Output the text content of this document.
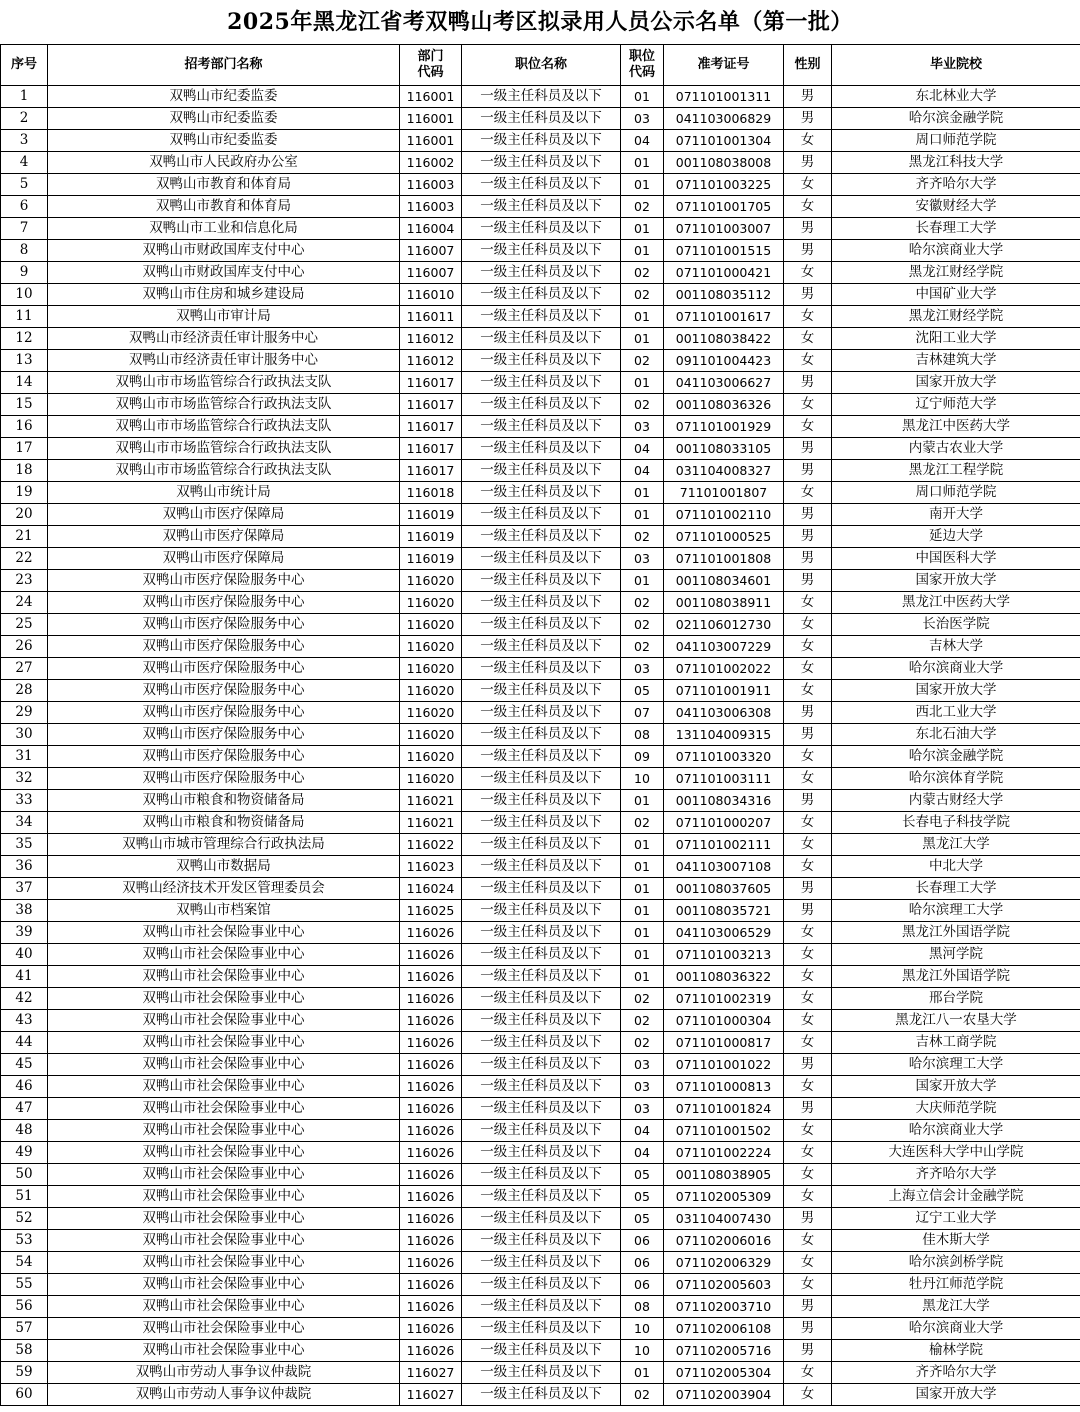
2025年黑龙江省考双鸭山考区拟录用人员公示名单（第一批）
序号	招考部门名称	部门代码	职位名称	职位代码	准考证号	性别	毕业院校
1	双鸭山市纪委监委	116001	一级主任科员及以下	01	071101001311	男	东北林业大学
2	双鸭山市纪委监委	116001	一级主任科员及以下	03	041103006829	男	哈尔滨金融学院
3	双鸭山市纪委监委	116001	一级主任科员及以下	04	071101001304	女	周口师范学院
4	双鸭山市人民政府办公室	116002	一级主任科员及以下	01	001108038008	男	黑龙江科技大学
5	双鸭山市教育和体育局	116003	一级主任科员及以下	01	071101003225	女	齐齐哈尔大学
6	双鸭山市教育和体育局	116003	一级主任科员及以下	02	071101001705	女	安徽财经大学
7	双鸭山市工业和信息化局	116004	一级主任科员及以下	01	071101003007	男	长春理工大学
8	双鸭山市财政国库支付中心	116007	一级主任科员及以下	01	071101001515	男	哈尔滨商业大学
9	双鸭山市财政国库支付中心	116007	一级主任科员及以下	02	071101000421	女	黑龙江财经学院
10	双鸭山市住房和城乡建设局	116010	一级主任科员及以下	02	001108035112	男	中国矿业大学
11	双鸭山市审计局	116011	一级主任科员及以下	01	071101001617	女	黑龙江财经学院
12	双鸭山市经济责任审计服务中心	116012	一级主任科员及以下	01	001108038422	女	沈阳工业大学
13	双鸭山市经济责任审计服务中心	116012	一级主任科员及以下	02	091101004423	女	吉林建筑大学
14	双鸭山市市场监管综合行政执法支队	116017	一级主任科员及以下	01	041103006627	男	国家开放大学
15	双鸭山市市场监管综合行政执法支队	116017	一级主任科员及以下	02	001108036326	女	辽宁师范大学
16	双鸭山市市场监管综合行政执法支队	116017	一级主任科员及以下	03	071101001929	女	黑龙江中医药大学
17	双鸭山市市场监管综合行政执法支队	116017	一级主任科员及以下	04	001108033105	男	内蒙古农业大学
18	双鸭山市市场监管综合行政执法支队	116017	一级主任科员及以下	04	031104008327	男	黑龙江工程学院
19	双鸭山市统计局	116018	一级主任科员及以下	01	71101001807	女	周口师范学院
20	双鸭山市医疗保障局	116019	一级主任科员及以下	01	071101002110	男	南开大学
21	双鸭山市医疗保障局	116019	一级主任科员及以下	02	071101000525	男	延边大学
22	双鸭山市医疗保障局	116019	一级主任科员及以下	03	071101001808	男	中国医科大学
23	双鸭山市医疗保险服务中心	116020	一级主任科员及以下	01	001108034601	男	国家开放大学
24	双鸭山市医疗保险服务中心	116020	一级主任科员及以下	02	001108038911	女	黑龙江中医药大学
25	双鸭山市医疗保险服务中心	116020	一级主任科员及以下	02	021106012730	女	长治医学院
26	双鸭山市医疗保险服务中心	116020	一级主任科员及以下	02	041103007229	女	吉林大学
27	双鸭山市医疗保险服务中心	116020	一级主任科员及以下	03	071101002022	女	哈尔滨商业大学
28	双鸭山市医疗保险服务中心	116020	一级主任科员及以下	05	071101001911	女	国家开放大学
29	双鸭山市医疗保险服务中心	116020	一级主任科员及以下	07	041103006308	男	西北工业大学
30	双鸭山市医疗保险服务中心	116020	一级主任科员及以下	08	131104009315	男	东北石油大学
31	双鸭山市医疗保险服务中心	116020	一级主任科员及以下	09	071101003320	女	哈尔滨金融学院
32	双鸭山市医疗保险服务中心	116020	一级主任科员及以下	10	071101003111	女	哈尔滨体育学院
33	双鸭山市粮食和物资储备局	116021	一级主任科员及以下	01	001108034316	男	内蒙古财经大学
34	双鸭山市粮食和物资储备局	116021	一级主任科员及以下	02	071101000207	女	长春电子科技学院
35	双鸭山市城市管理综合行政执法局	116022	一级主任科员及以下	01	071101002111	女	黑龙江大学
36	双鸭山市数据局	116023	一级主任科员及以下	01	041103007108	女	中北大学
37	双鸭山经济技术开发区管理委员会	116024	一级主任科员及以下	01	001108037605	男	长春理工大学
38	双鸭山市档案馆	116025	一级主任科员及以下	01	001108035721	男	哈尔滨理工大学
39	双鸭山市社会保险事业中心	116026	一级主任科员及以下	01	041103006529	女	黑龙江外国语学院
40	双鸭山市社会保险事业中心	116026	一级主任科员及以下	01	071101003213	女	黑河学院
41	双鸭山市社会保险事业中心	116026	一级主任科员及以下	01	001108036322	女	黑龙江外国语学院
42	双鸭山市社会保险事业中心	116026	一级主任科员及以下	02	071101002319	女	邢台学院
43	双鸭山市社会保险事业中心	116026	一级主任科员及以下	02	071101000304	女	黑龙江八一农垦大学
44	双鸭山市社会保险事业中心	116026	一级主任科员及以下	02	071101000817	女	吉林工商学院
45	双鸭山市社会保险事业中心	116026	一级主任科员及以下	03	071101001022	男	哈尔滨理工大学
46	双鸭山市社会保险事业中心	116026	一级主任科员及以下	03	071101000813	女	国家开放大学
47	双鸭山市社会保险事业中心	116026	一级主任科员及以下	03	071101001824	男	大庆师范学院
48	双鸭山市社会保险事业中心	116026	一级主任科员及以下	04	071101001502	女	哈尔滨商业大学
49	双鸭山市社会保险事业中心	116026	一级主任科员及以下	04	071101002224	女	大连医科大学中山学院
50	双鸭山市社会保险事业中心	116026	一级主任科员及以下	05	001108038905	女	齐齐哈尔大学
51	双鸭山市社会保险事业中心	116026	一级主任科员及以下	05	071102005309	女	上海立信会计金融学院
52	双鸭山市社会保险事业中心	116026	一级主任科员及以下	05	031104007430	男	辽宁工业大学
53	双鸭山市社会保险事业中心	116026	一级主任科员及以下	06	071102006016	女	佳木斯大学
54	双鸭山市社会保险事业中心	116026	一级主任科员及以下	06	071102006329	女	哈尔滨剑桥学院
55	双鸭山市社会保险事业中心	116026	一级主任科员及以下	06	071102005603	女	牡丹江师范学院
56	双鸭山市社会保险事业中心	116026	一级主任科员及以下	08	071102003710	男	黑龙江大学
57	双鸭山市社会保险事业中心	116026	一级主任科员及以下	10	071102006108	男	哈尔滨商业大学
58	双鸭山市社会保险事业中心	116026	一级主任科员及以下	10	071102005716	男	榆林学院
59	双鸭山市劳动人事争议仲裁院	116027	一级主任科员及以下	01	071102005304	女	齐齐哈尔大学
60	双鸭山市劳动人事争议仲裁院	116027	一级主任科员及以下	02	071102003904	女	国家开放大学
